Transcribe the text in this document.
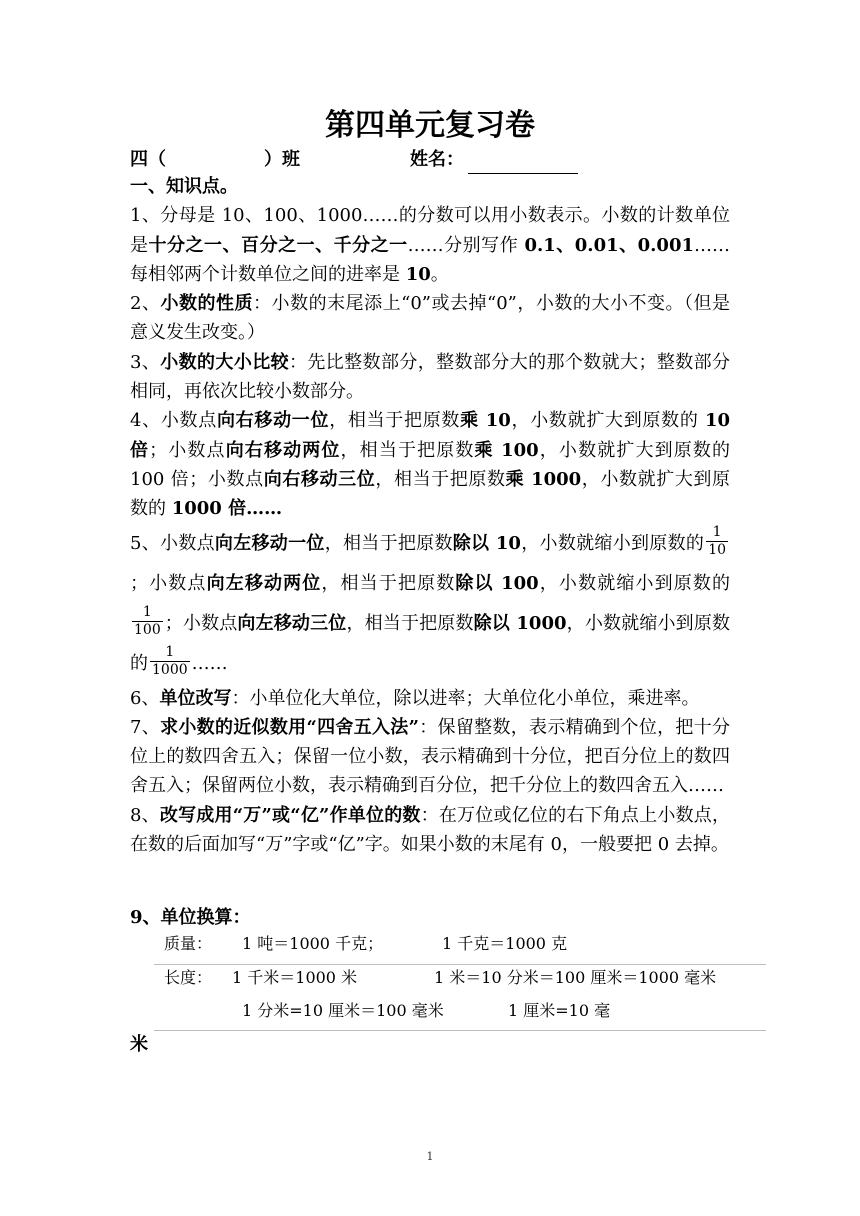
第四单元复习卷
四（	）班	姓名：

一、知识点。

1、分母是 10、100、1000……的分数可以用小数表示。小数的计数单位是十分之一、百分之一、千分之一……分别写作 0.1、0.01、0.001……每相邻两个计数单位之间的进率是 10。

2、小数的性质：小数的末尾添上“0”或去掉“0”，小数的大小不变。（但是意义发生改变。）

3、小数的大小比较：先比整数部分，整数部分大的那个数就大；整数部分相同，再依次比较小数部分。

4、小数点向右移动一位，相当于把原数乘 10，小数就扩大到原数的 10 倍；小数点向右移动两位，相当于把原数乘 100，小数就扩大到原数的 100 倍；小数点向右移动三位，相当于把原数乘 1000，小数就扩大到原数的 1000 倍……

5、小数点向左移动一位，相当于把原数除以 10，小数就缩小到原数的 $\frac{1}{10}$
；小数点向左移动两位，相当于把原数除以 100，小数就缩小到原数的
$\frac{1}{100}$ ；小数点向左移动三位，相当于把原数除以 1000，小数就缩小到原数的 $\frac{1}{1000}$ ……

6、单位改写：小单位化大单位，除以进率；大单位化小单位，乘进率。

7、求小数的近似数用“四舍五入法”：保留整数，表示精确到个位，把十分位上的数四舍五入；保留一位小数，表示精确到十分位，把百分位上的数四舍五入；保留两位小数，表示精确到百分位，把千分位上的数四舍五入……

8、改写成用“万”或“亿”作单位的数：在万位或亿位的右下角点上小数点，在数的后面加写“万”字或“亿”字。如果小数的末尾有 0，一般要把 0 去掉。

9、单位换算：
质量： 1 吨＝1000 千克；	1 千克＝1000 克
长度： 1 千米＝1000 米	1 米＝10 分米＝100 厘米＝1000 毫米
1 分米=10 厘米＝100 毫米	1 厘米=10 毫
米
1
